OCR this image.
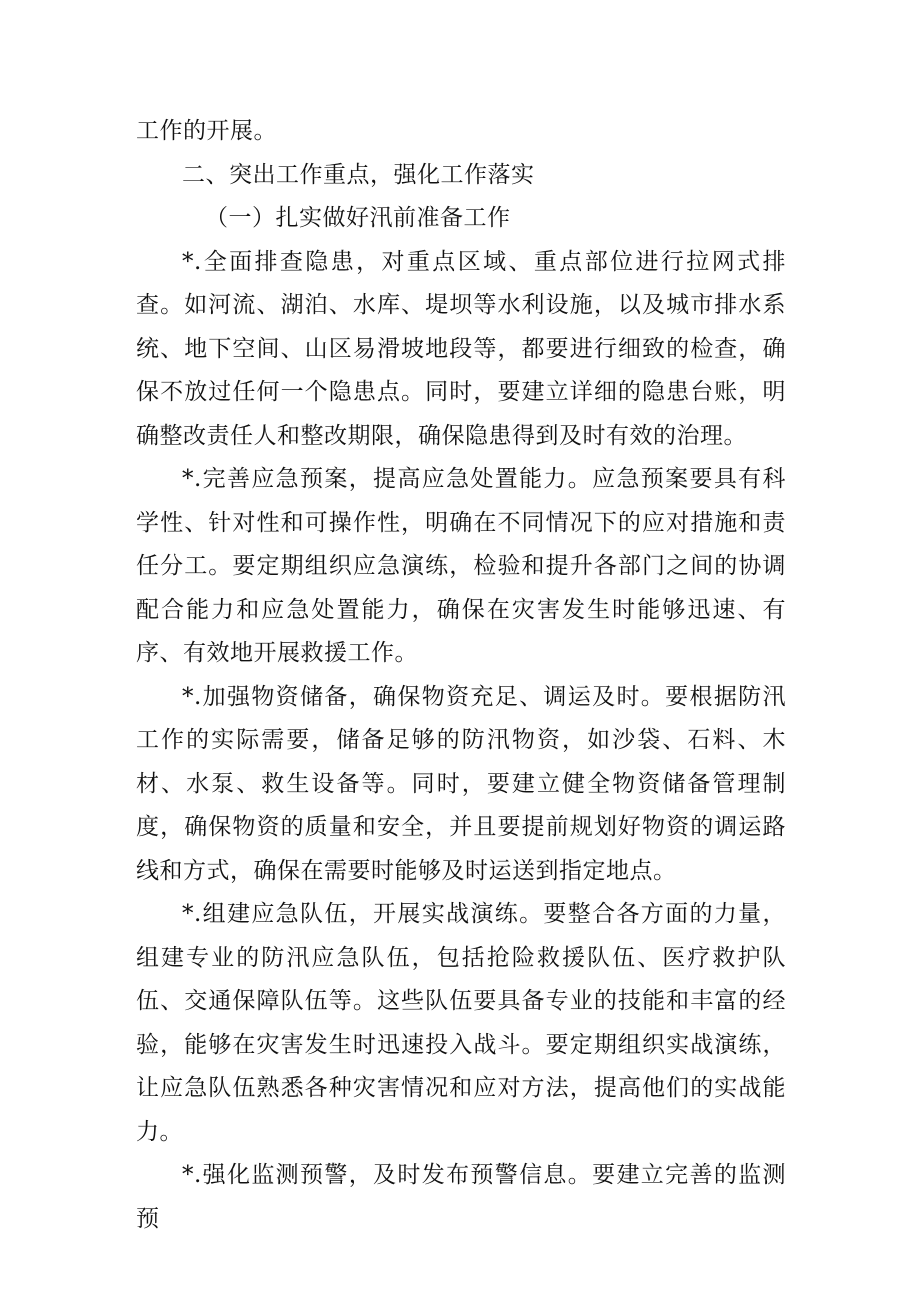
工作的开展。

二、突出工作重点，强化工作落实

（一）扎实做好汛前准备工作

*.全面排查隐患，对重点区域、重点部位进行拉网式排查。如河流、湖泊、水库、堤坝等水利设施，以及城市排水系统、地下空间、山区易滑坡地段等，都要进行细致的检查，确保不放过任何一个隐患点。同时，要建立详细的隐患台账，明确整改责任人和整改期限，确保隐患得到及时有效的治理。

*.完善应急预案，提高应急处置能力。应急预案要具有科学性、针对性和可操作性，明确在不同情况下的应对措施和责任分工。要定期组织应急演练，检验和提升各部门之间的协调配合能力和应急处置能力，确保在灾害发生时能够迅速、有序、有效地开展救援工作。

*.加强物资储备，确保物资充足、调运及时。要根据防汛工作的实际需要，储备足够的防汛物资，如沙袋、石料、木材、水泵、救生设备等。同时，要建立健全物资储备管理制度，确保物资的质量和安全，并且要提前规划好物资的调运路线和方式，确保在需要时能够及时运送到指定地点。

*.组建应急队伍，开展实战演练。要整合各方面的力量，组建专业的防汛应急队伍，包括抢险救援队伍、医疗救护队伍、交通保障队伍等。这些队伍要具备专业的技能和丰富的经验，能够在灾害发生时迅速投入战斗。要定期组织实战演练，让应急队伍熟悉各种灾害情况和应对方法，提高他们的实战能力。

*.强化监测预警，及时发布预警信息。要建立完善的监测预
